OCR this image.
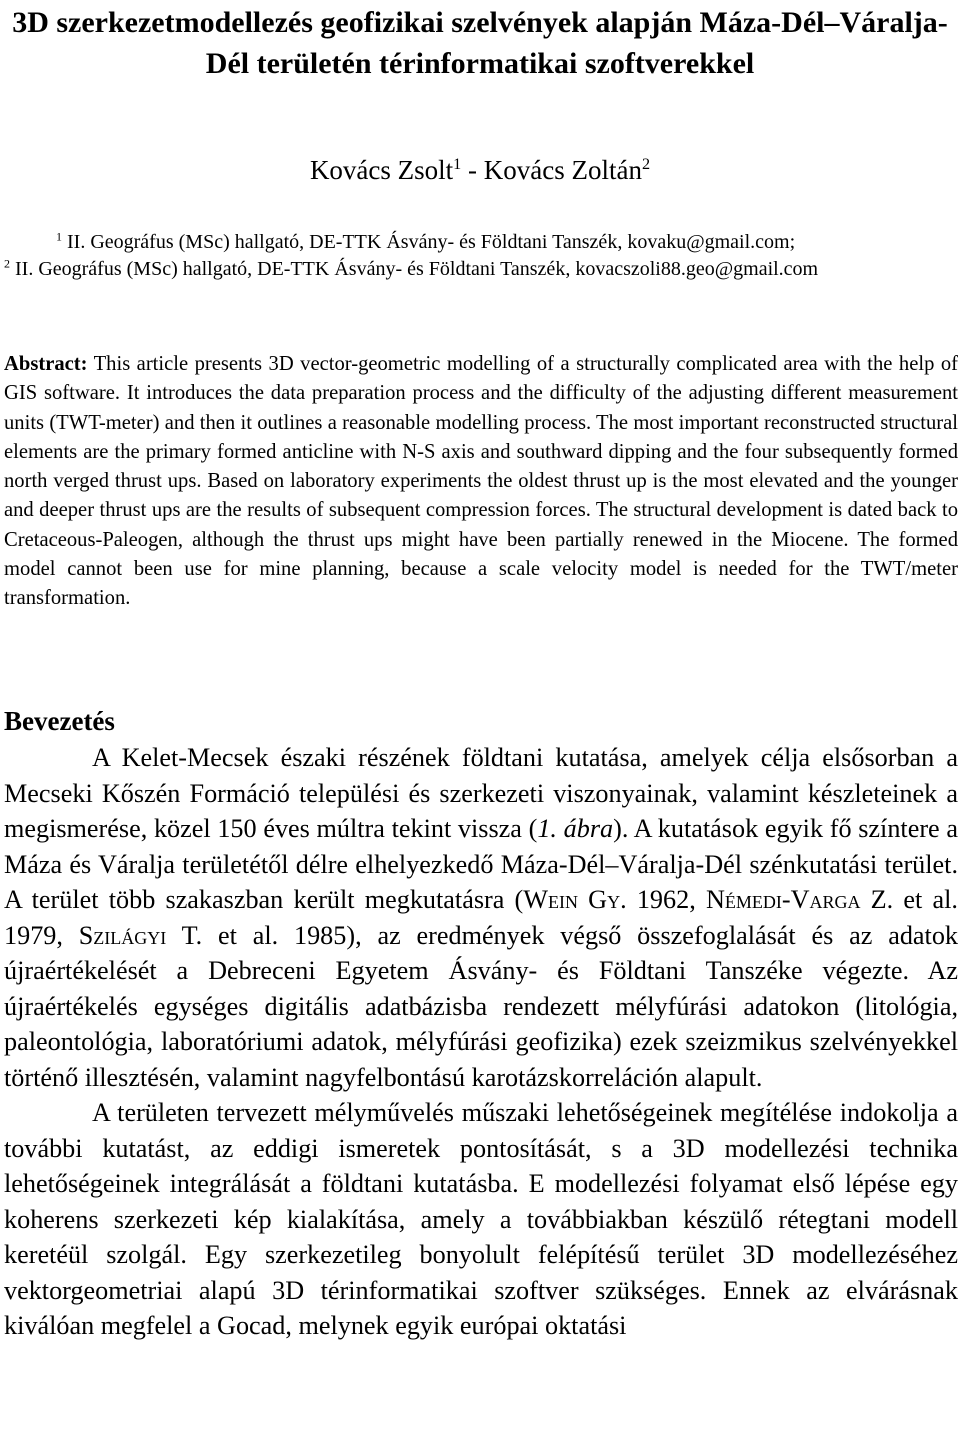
3D szerkezetmodellezés geofizikai szelvények alapján Máza-Dél–Váralja-Dél területén térinformatikai szoftverekkel
Kovács Zsolt$^1$ - Kovács Zoltán$^2$
$^1$ II. Geográfus (MSc) hallgató, DE-TTK Ásvány- és Földtani Tanszék, kovaku@gmail.com;
$^2$ II. Geográfus (MSc) hallgató, DE-TTK Ásvány- és Földtani Tanszék, kovacszoli88.geo@gmail.com
Abstract: This article presents 3D vector-geometric modelling of a structurally complicated area with the help of GIS software. It introduces the data preparation process and the difficulty of the adjusting different measurement units (TWT-meter) and then it outlines a reasonable modelling process. The most important reconstructed structural elements are the primary formed anticline with N-S axis and southward dipping and the four subsequently formed north verged thrust ups. Based on laboratory experiments the oldest thrust up is the most elevated and the younger and deeper thrust ups are the results of subsequent compression forces. The structural development is dated back to Cretaceous-Paleogen, although the thrust ups might have been partially renewed in the Miocene. The formed model cannot been use for mine planning, because a scale velocity model is needed for the TWT/meter transformation.
Bevezetés

A Kelet-Mecsek északi részének földtani kutatása, amelyek célja elsősorban a Mecseki Kőszén Formáció települési és szerkezeti viszonyainak, valamint készleteinek a megismerése, közel 150 éves múltra tekint vissza (1. ábra). A kutatások egyik fő színtere a Máza és Váralja területétől délre elhelyezkedő Máza-Dél–Váralja-Dél szénkutatási terület. A terület több szakaszban került megkutatásra (Wein Gy. 1962, Némedi-Varga Z. et al. 1979, Szilágyi T. et al. 1985), az eredmények végső összefoglalását és az adatok újraértékelését a Debreceni Egyetem Ásvány- és Földtani Tanszéke végezte. Az újraértékelés egységes digitális adatbázisba rendezett mélyfúrási adatokon (litológia, paleontológia, laboratóriumi adatok, mélyfúrási geofizika) ezek szeizmikus szelvényekkel történő illesztésén, valamint nagyfelbontású karotázskorreláción alapult.

A területen tervezett mélyművelés műszaki lehetőségeinek megítélése indokolja a további kutatást, az eddigi ismeretek pontosítását, s a 3D modellezési technika lehetőségeinek integrálását a földtani kutatásba. E modellezési folyamat első lépése egy koherens szerkezeti kép kialakítása, amely a továbbiakban készülő rétegtani modell keretéül szolgál. Egy szerkezetileg bonyolult felépítésű terület 3D modellezéséhez vektorgeometriai alapú 3D térinformatikai szoftver szükséges. Ennek az elvárásnak kiválóan megfelel a Gocad, melynek egyik európai oktatási
